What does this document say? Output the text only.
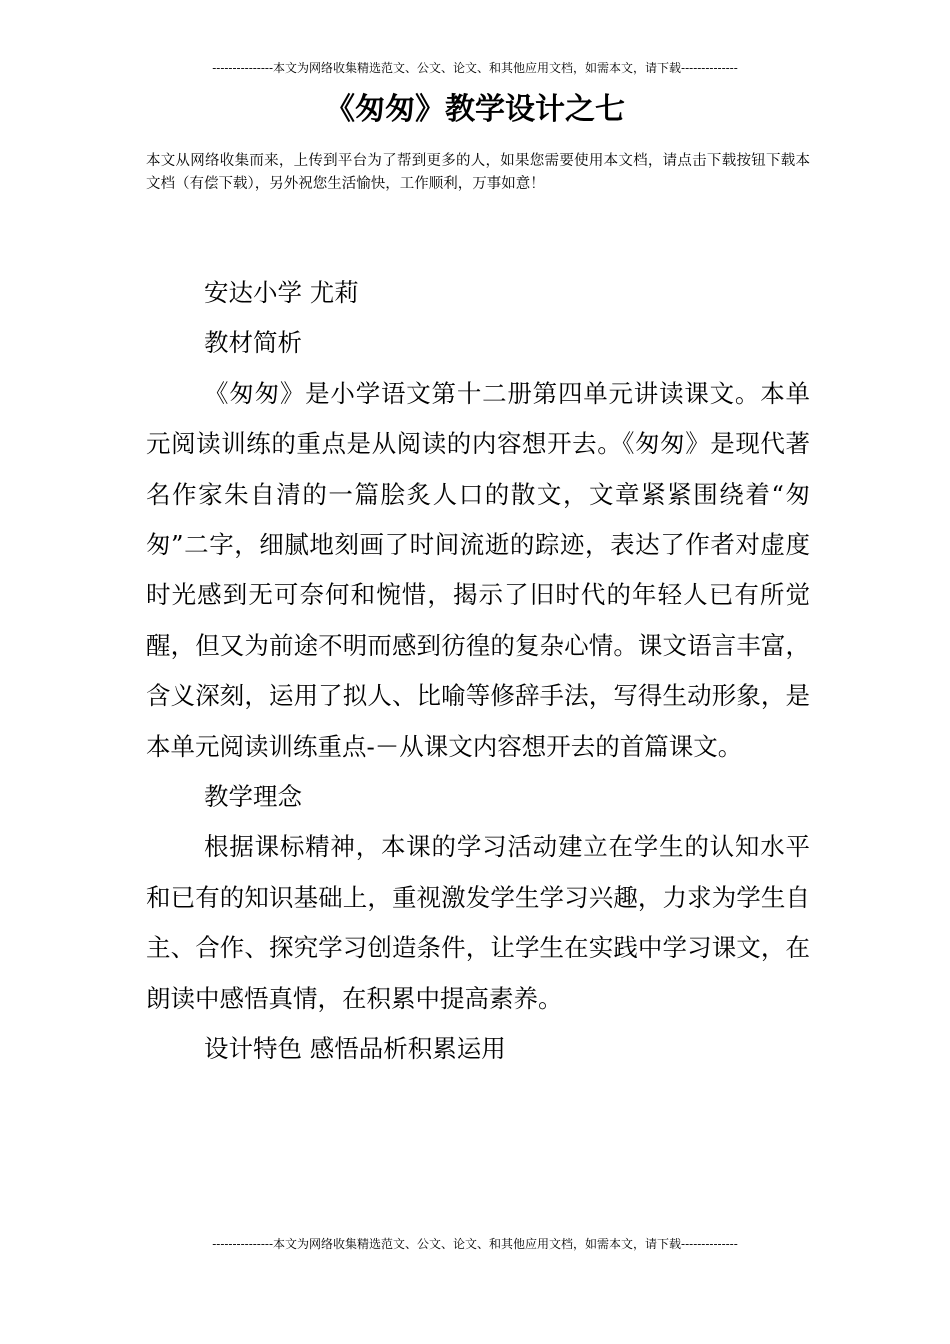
---------------本文为网络收集精选范文、公文、论文、和其他应用文档，如需本文，请下载--------------
《匆匆》教学设计之七

本文从网络收集而来，上传到平台为了帮到更多的人，如果您需要使用本文档，请点击下载按钮下载本文档（有偿下载），另外祝您生活愉快，工作顺利，万事如意！

安达小学 尤莉

教材简析

《匆匆》是小学语文第十二册第四单元讲读课文。本单元阅读训练的重点是从阅读的内容想开去。《匆匆》是现代著名作家朱自清的一篇脍炙人口的散文，文章紧紧围绕着“匆匆”二字，细腻地刻画了时间流逝的踪迹，表达了作者对虚度时光感到无可奈何和惋惜，揭示了旧时代的年轻人已有所觉醒，但又为前途不明而感到彷徨的复杂心情。课文语言丰富，含义深刻，运用了拟人、比喻等修辞手法，写得生动形象，是本单元阅读训练重点-－从课文内容想开去的首篇课文。

教学理念

根据课标精神，本课的学习活动建立在学生的认知水平和已有的知识基础上，重视激发学生学习兴趣，力求为学生自主、合作、探究学习创造条件，让学生在实践中学习课文，在朗读中感悟真情，在积累中提高素养。

设计特色 感悟品析积累运用

---------------本文为网络收集精选范文、公文、论文、和其他应用文档，如需本文，请下载--------------
